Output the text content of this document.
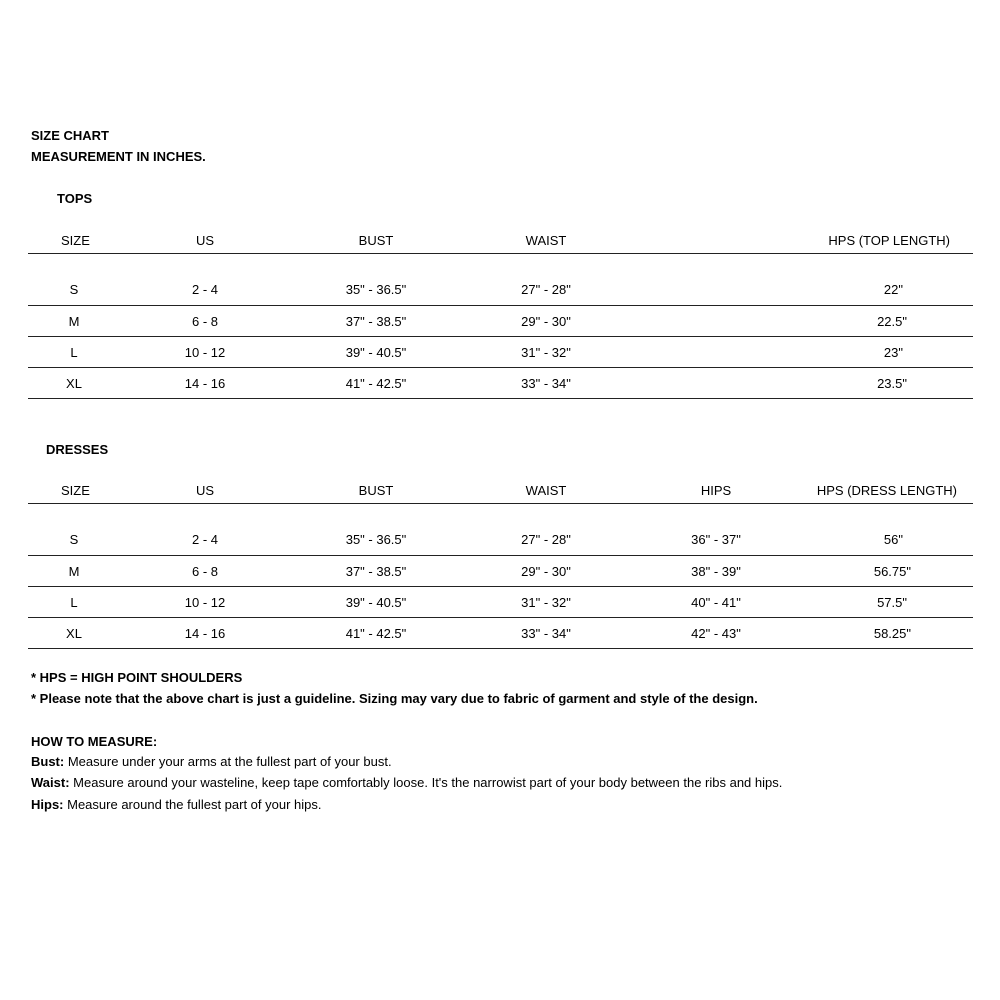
SIZE CHART
MEASUREMENT IN INCHES.
TOPS
SIZE	US	BUST	WAIST	HPS (TOP LENGTH)
S	2 - 4	35" - 36.5"	27" - 28"	22"
M	6 - 8	37" - 38.5"	29" - 30"	22.5"
L	10 - 12	39" - 40.5"	31" - 32"	23"
XL	14 - 16	41" - 42.5"	33" - 34"	23.5"
DRESSES
SIZE	US	BUST	WAIST	HIPS	HPS (DRESS LENGTH)
S	2 - 4	35" - 36.5"	27" - 28"	36" - 37"	56"
M	6 - 8	37" - 38.5"	29" - 30"	38" - 39"	56.75"
L	10 - 12	39" - 40.5"	31" - 32"	40" - 41"	57.5"
XL	14 - 16	41" - 42.5"	33" - 34"	42" - 43"	58.25"
* HPS = HIGH POINT SHOULDERS
* Please note that the above chart is just a guideline. Sizing may vary due to fabric of garment and style of the design.
HOW TO MEASURE:
Bust: Measure under your arms at the fullest part of your bust.
Waist: Measure around your wasteline, keep tape comfortably loose. It's the narrowist part of your body between the ribs and hips.
Hips: Measure around the fullest part of your hips.
